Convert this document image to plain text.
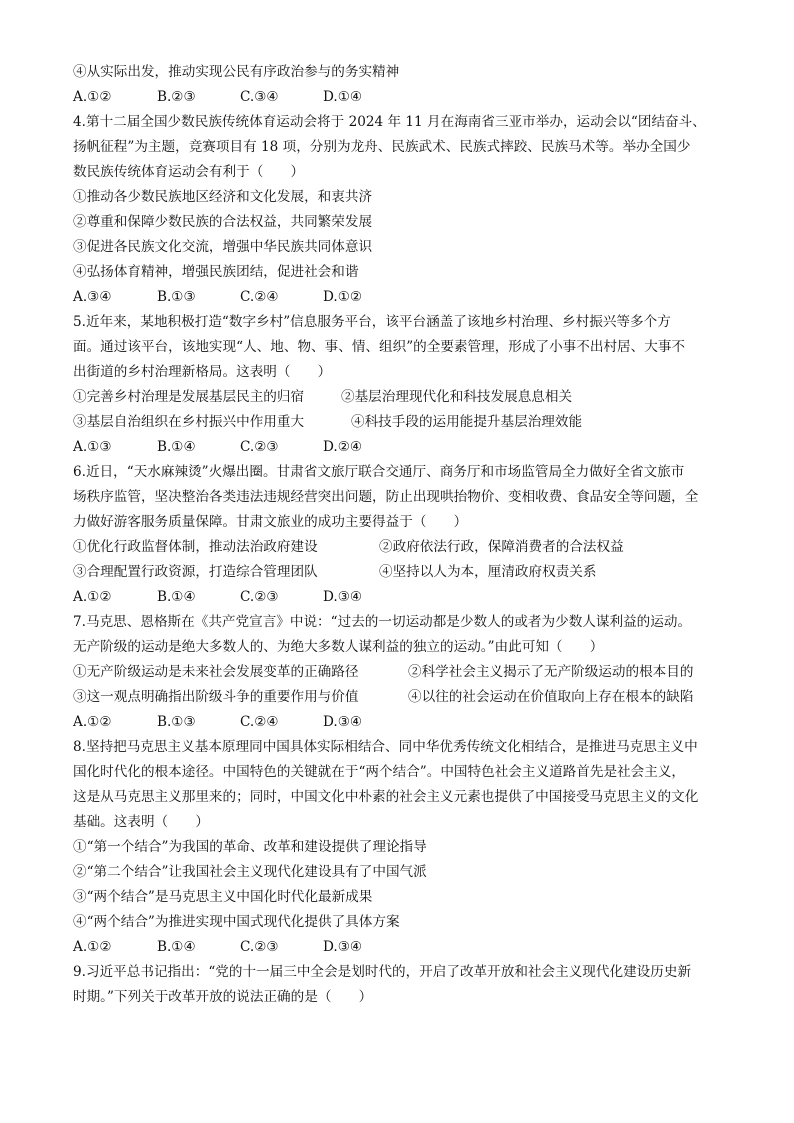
④从实际出发，推动实现公民有序政治参与的务实精神
A.①②	B.②③	C.③④	D.①④
4.第十二届全国少数民族传统体育运动会将于 2024 年 11 月在海南省三亚市举办，运动会以“团结奋斗、
扬帆征程”为主题，竞赛项目有 18 项，分别为龙舟、民族武术、民族式摔跤、民族马术等。举办全国少
数民族传统体育运动会有利于（　　）
①推动各少数民族地区经济和文化发展，和衷共济
②尊重和保障少数民族的合法权益，共同繁荣发展
③促进各民族文化交流，增强中华民族共同体意识
④弘扬体育精神，增强民族团结，促进社会和谐
A.③④	B.①③	C.②④	D.①②
5.近年来，某地积极打造“数字乡村”信息服务平台，该平台涵盖了该地乡村治理、乡村振兴等多个方
面。通过该平台，该地实现“人、地、物、事、情、组织”的全要素管理，形成了小事不出村居、大事不
出街道的乡村治理新格局。这表明（　　）
①完善乡村治理是发展基层民主的归宿	②基层治理现代化和科技发展息息相关
③基层自治组织在乡村振兴中作用重大	④科技手段的运用能提升基层治理效能
A.①③	B.①④	C.②③	D.②④
6.近日，“天水麻辣烫”火爆出圈。甘肃省文旅厅联合交通厅、商务厅和市场监管局全力做好全省文旅市
场秩序监管，坚决整治各类违法违规经营突出问题，防止出现哄抬物价、变相收费、食品安全等问题，全
力做好游客服务质量保障。甘肃文旅业的成功主要得益于（　　）
①优化行政监督体制，推动法治政府建设	②政府依法行政，保障消费者的合法权益
③合理配置行政资源，打造综合管理团队	④坚持以人为本，厘清政府权责关系
A.①②	B.①④	C.②③	D.③④
7.马克思、恩格斯在《共产党宣言》中说：“过去的一切运动都是少数人的或者为少数人谋利益的运动。
无产阶级的运动是绝大多数人的、为绝大多数人谋利益的独立的运动。”由此可知（　　）
①无产阶级运动是未来社会发展变革的正确路径	②科学社会主义揭示了无产阶级运动的根本目的
③这一观点明确指出阶级斗争的重要作用与价值	④以往的社会运动在价值取向上存在根本的缺陷
A.①②	B.①③	C.②④	D.③④
8.坚持把马克思主义基本原理同中国具体实际相结合、同中华优秀传统文化相结合，是推进马克思主义中
国化时代化的根本途径。中国特色的关键就在于“两个结合”。中国特色社会主义道路首先是社会主义，
这是从马克思主义那里来的；同时，中国文化中朴素的社会主义元素也提供了中国接受马克思主义的文化
基础。这表明（　　）
①“第一个结合”为我国的革命、改革和建设提供了理论指导
②“第二个结合”让我国社会主义现代化建设具有了中国气派
③“两个结合”是马克思主义中国化时代化最新成果
④“两个结合”为推进实现中国式现代化提供了具体方案
A.①②	B.①④	C.②③	D.③④
9.习近平总书记指出：“党的十一届三中全会是划时代的，开启了改革开放和社会主义现代化建设历史新
时期。”下列关于改革开放的说法正确的是（　　）
